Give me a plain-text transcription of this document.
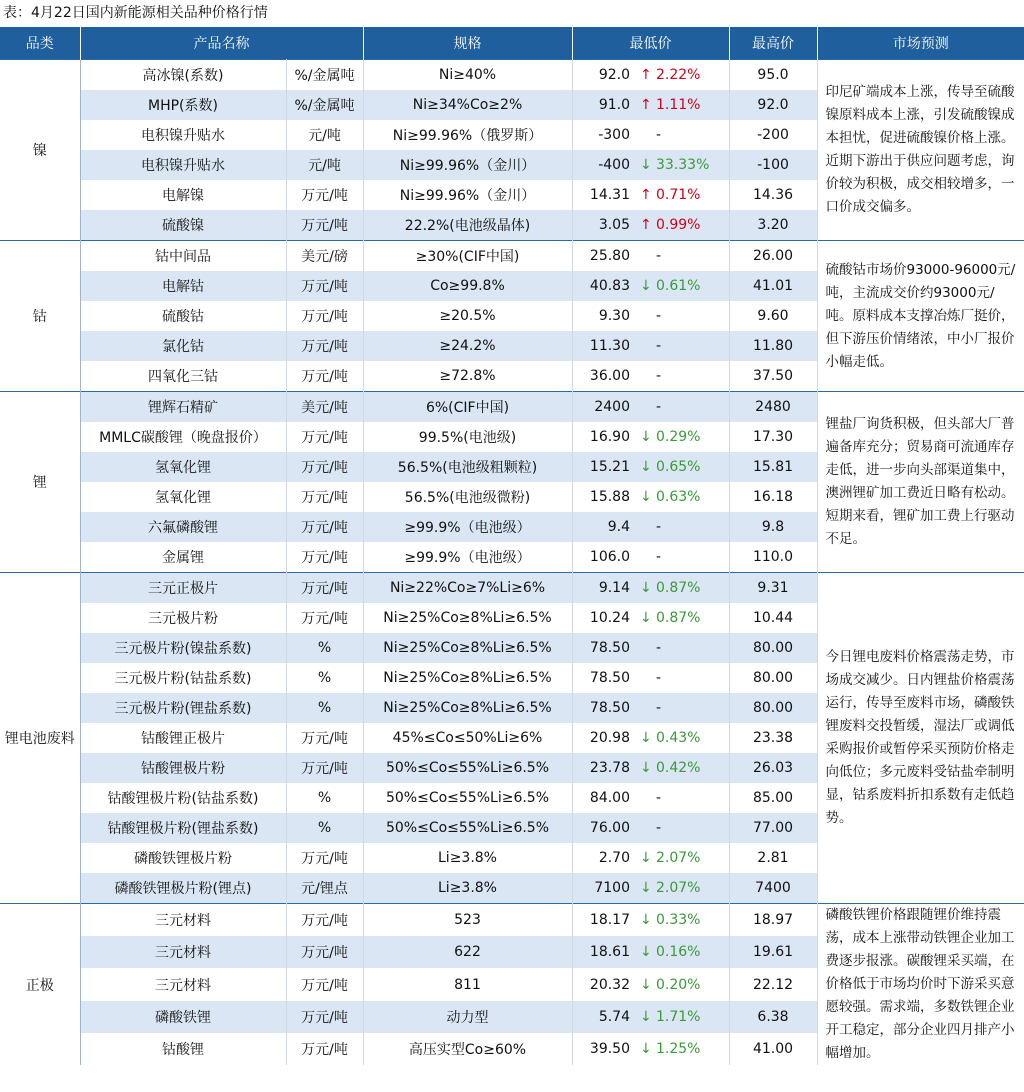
表：4月22日国内新能源相关品种价格行情
品类	产品名称		规格	最低价		最高价	市场预测
镍	高冰镍(系数)	%/金属吨	Ni≥40%	92.0	↑ 2.22%	95.0	印尼矿端成本上涨，传导至硫酸镍原料成本上涨，引发硫酸镍成本担忧，促进硫酸镍价格上涨。近期下游出于供应问题考虑，询价较为积极，成交相较增多，一口价成交偏多。
	MHP(系数)	%/金属吨	Ni≥34%Co≥2%	91.0	↑ 1.11%	92.0	
	电积镍升贴水	元/吨	Ni≥99.96%（俄罗斯）	-300	-	-200	
	电积镍升贴水	元/吨	Ni≥99.96%（金川）	-400	↓ 33.33%	-100	
	电解镍	万元/吨	Ni≥99.96%（金川）	14.31	↑ 0.71%	14.36	
	硫酸镍	万元/吨	22.2%(电池级晶体)	3.05	↑ 0.99%	3.20	
钴	钴中间品	美元/磅	≥30%(CIF中国)	25.80	-	26.00	硫酸钴市场价93000-96000元/吨，主流成交价约93000元/吨。原料成本支撑冶炼厂挺价，但下游压价情绪浓，中小厂报价小幅走低。
	电解钴	万元/吨	Co≥99.8%	40.83	↓ 0.61%	41.01	
	硫酸钴	万元/吨	≥20.5%	9.30	-	9.60	
	氯化钴	万元/吨	≥24.2%	11.30	-	11.80	
	四氧化三钴	万元/吨	≥72.8%	36.00	-	37.50	
锂	锂辉石精矿	美元/吨	6%(CIF中国)	2400	-	2480	锂盐厂询货积极，但头部大厂普遍备库充分；贸易商可流通库存走低，进一步向头部渠道集中，澳洲锂矿加工费近日略有松动。短期来看，锂矿加工费上行驱动不足。
	MMLC碳酸锂（晚盘报价）	万元/吨	99.5%(电池级)	16.90	↓ 0.29%	17.30	
	氢氧化锂	万元/吨	56.5%(电池级粗颗粒)	15.21	↓ 0.65%	15.81	
	氢氧化锂	万元/吨	56.5%(电池级微粉)	15.88	↓ 0.63%	16.18	
	六氟磷酸锂	万元/吨	≥99.9%（电池级）	9.4	-	9.8	
	金属锂	万元/吨	≥99.9%（电池级）	106.0	-	110.0	
锂电池废料	三元正极片	万元/吨	Ni≥22%Co≥7%Li≥6%	9.14	↓ 0.87%	9.31	今日锂电废料价格震荡走势，市场成交减少。日内锂盐价格震荡运行，传导至废料市场，磷酸铁锂废料交投暂缓，湿法厂或调低采购报价或暂停采买预防价格走向低位；多元废料受钴盐牵制明显，钴系废料折扣系数有走低趋势。
	三元极片粉	万元/吨	Ni≥25%Co≥8%Li≥6.5%	10.24	↓ 0.87%	10.44	
	三元极片粉(镍盐系数)	%	Ni≥25%Co≥8%Li≥6.5%	78.50	-	80.00	
	三元极片粉(钴盐系数)	%	Ni≥25%Co≥8%Li≥6.5%	78.50	-	80.00	
	三元极片粉(锂盐系数)	%	Ni≥25%Co≥8%Li≥6.5%	78.50	-	80.00	
	钴酸锂正极片	万元/吨	45%≤Co≤50%Li≥6%	20.98	↓ 0.43%	23.38	
	钴酸锂极片粉	万元/吨	50%≤Co≤55%Li≥6.5%	23.78	↓ 0.42%	26.03	
	钴酸锂极片粉(钴盐系数)	%	50%≤Co≤55%Li≥6.5%	84.00	-	85.00	
	钴酸锂极片粉(锂盐系数)	%	50%≤Co≤55%Li≥6.5%	76.00	-	77.00	
	磷酸铁锂极片粉	万元/吨	Li≥3.8%	2.70	↓ 2.07%	2.81	
	磷酸铁锂极片粉(锂点)	元/锂点	Li≥3.8%	7100	↓ 2.07%	7400	
正极	三元材料	万元/吨	523	18.17	↓ 0.33%	18.97	磷酸铁锂价格跟随锂价维持震荡，成本上涨带动铁锂企业加工费逐步报涨。碳酸锂采买端，在价格低于市场均价时下游采买意愿较强。需求端，多数铁锂企业开工稳定，部分企业四月排产小幅增加。
	三元材料	万元/吨	622	18.61	↓ 0.16%	19.61	
	三元材料	万元/吨	811	20.32	↓ 0.20%	22.12	
	磷酸铁锂	万元/吨	动力型	5.74	↓ 1.71%	6.38	
	钴酸锂	万元/吨	高压实型Co≥60%	39.50	↓ 1.25%	41.00	
